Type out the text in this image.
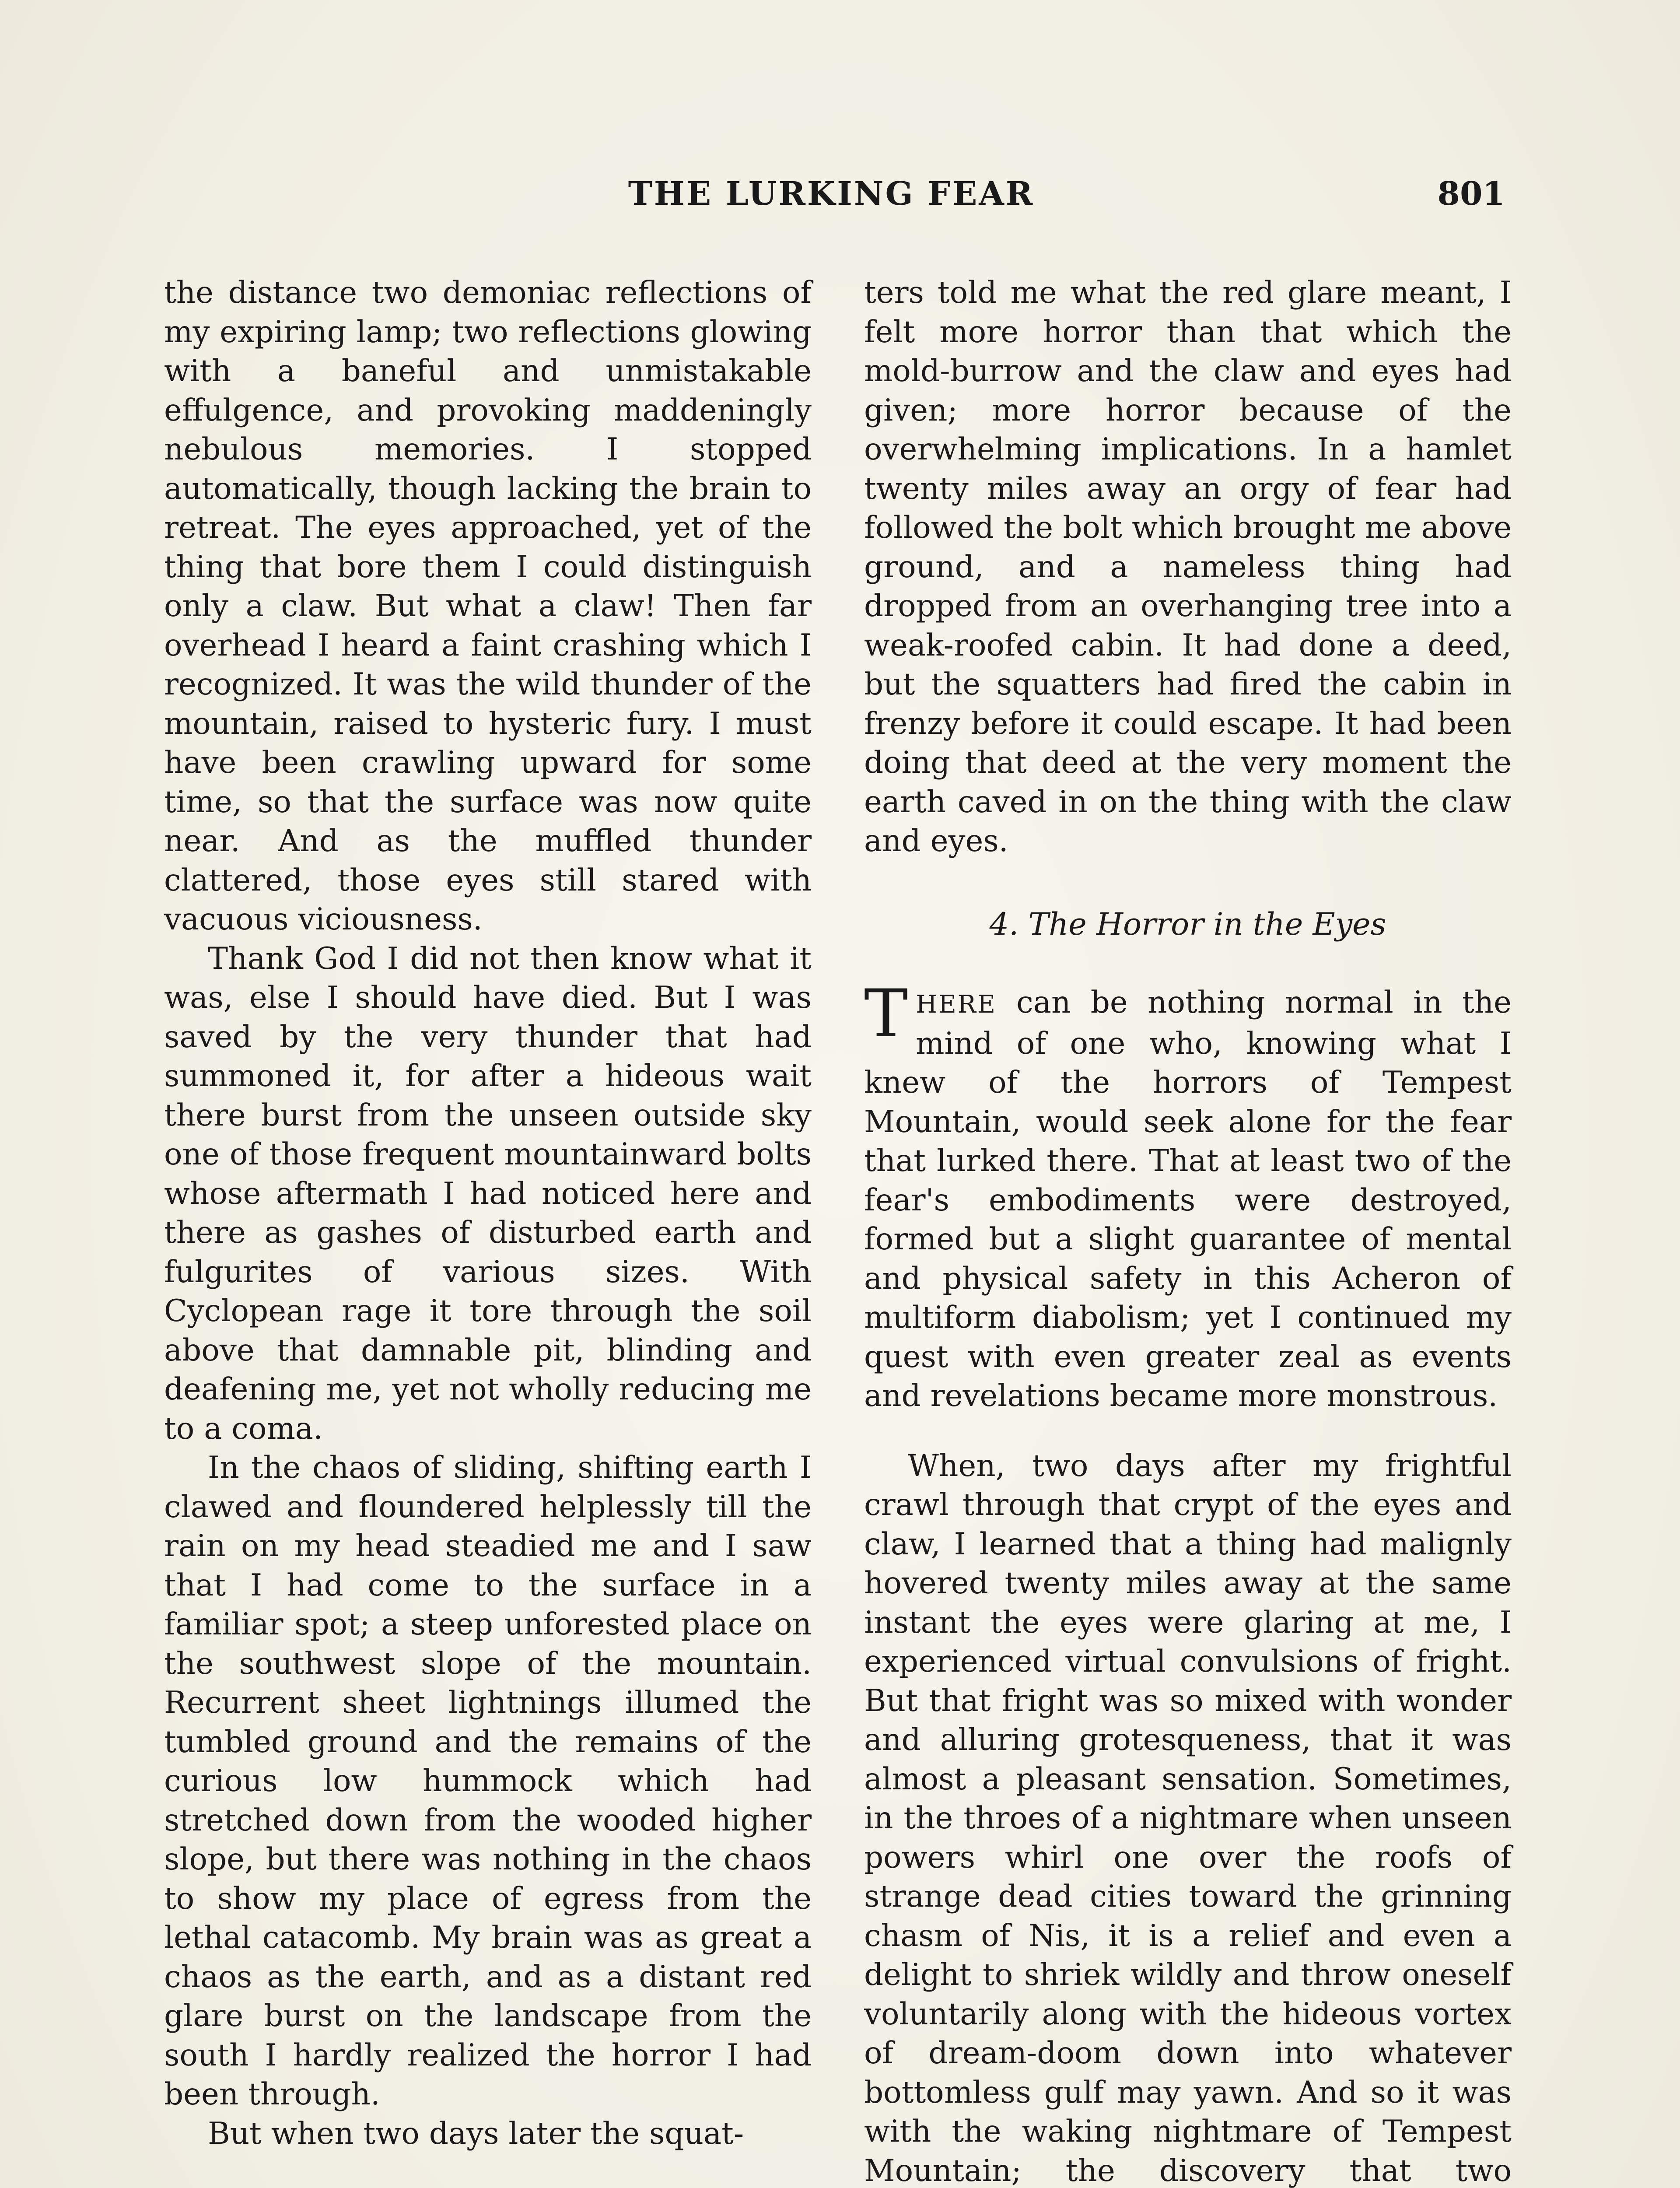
THE LURKING FEAR	801

the distance two demoniac reflections of my expiring lamp; two reflections glowing with a baneful and unmistakable effulgence, and provoking maddeningly nebulous memories. I stopped automatically, though lacking the brain to retreat. The eyes approached, yet of the thing that bore them I could distinguish only a claw. But what a claw! Then far overhead I heard a faint crashing which I recognized. It was the wild thunder of the mountain, raised to hysteric fury. I must have been crawling upward for some time, so that the surface was now quite near. And as the muffled thunder clattered, those eyes still stared with vacuous viciousness.

Thank God I did not then know what it was, else I should have died. But I was saved by the very thunder that had summoned it, for after a hideous wait there burst from the unseen outside sky one of those frequent mountainward bolts whose aftermath I had noticed here and there as gashes of disturbed earth and fulgurites of various sizes. With Cyclopean rage it tore through the soil above that damnable pit, blinding and deafening me, yet not wholly reducing me to a coma.

In the chaos of sliding, shifting earth I clawed and floundered helplessly till the rain on my head steadied me and I saw that I had come to the surface in a familiar spot; a steep unforested place on the southwest slope of the mountain. Recurrent sheet lightnings illumed the tumbled ground and the remains of the curious low hummock which had stretched down from the wooded higher slope, but there was nothing in the chaos to show my place of egress from the lethal catacomb. My brain was as great a chaos as the earth, and as a distant red glare burst on the landscape from the south I hardly realized the horror I had been through.

But when two days later the squat-

ters told me what the red glare meant, I felt more horror than that which the mold-burrow and the claw and eyes had given; more horror because of the overwhelming implications. In a hamlet twenty miles away an orgy of fear had followed the bolt which brought me above ground, and a nameless thing had dropped from an overhanging tree into a weak-roofed cabin. It had done a deed, but the squatters had fired the cabin in frenzy before it could escape. It had been doing that deed at the very moment the earth caved in on the thing with the claw and eyes.

4. The Horror in the Eyes

THERE can be nothing normal in the mind of one who, knowing what I knew of the horrors of Tempest Mountain, would seek alone for the fear that lurked there. That at least two of the fear's embodiments were destroyed, formed but a slight guarantee of mental and physical safety in this Acheron of multiform diabolism; yet I continued my quest with even greater zeal as events and revelations became more monstrous.

When, two days after my frightful crawl through that crypt of the eyes and claw, I learned that a thing had malignly hovered twenty miles away at the same instant the eyes were glaring at me, I experienced virtual convulsions of fright. But that fright was so mixed with wonder and alluring grotesqueness, that it was almost a pleasant sensation. Sometimes, in the throes of a nightmare when unseen powers whirl one over the roofs of strange dead cities toward the grinning chasm of Nis, it is a relief and even a delight to shriek wildly and throw oneself voluntarily along with the hideous vortex of dream-doom down into whatever bottomless gulf may yawn. And so it was with the waking nightmare of Tempest Mountain; the discovery that two
